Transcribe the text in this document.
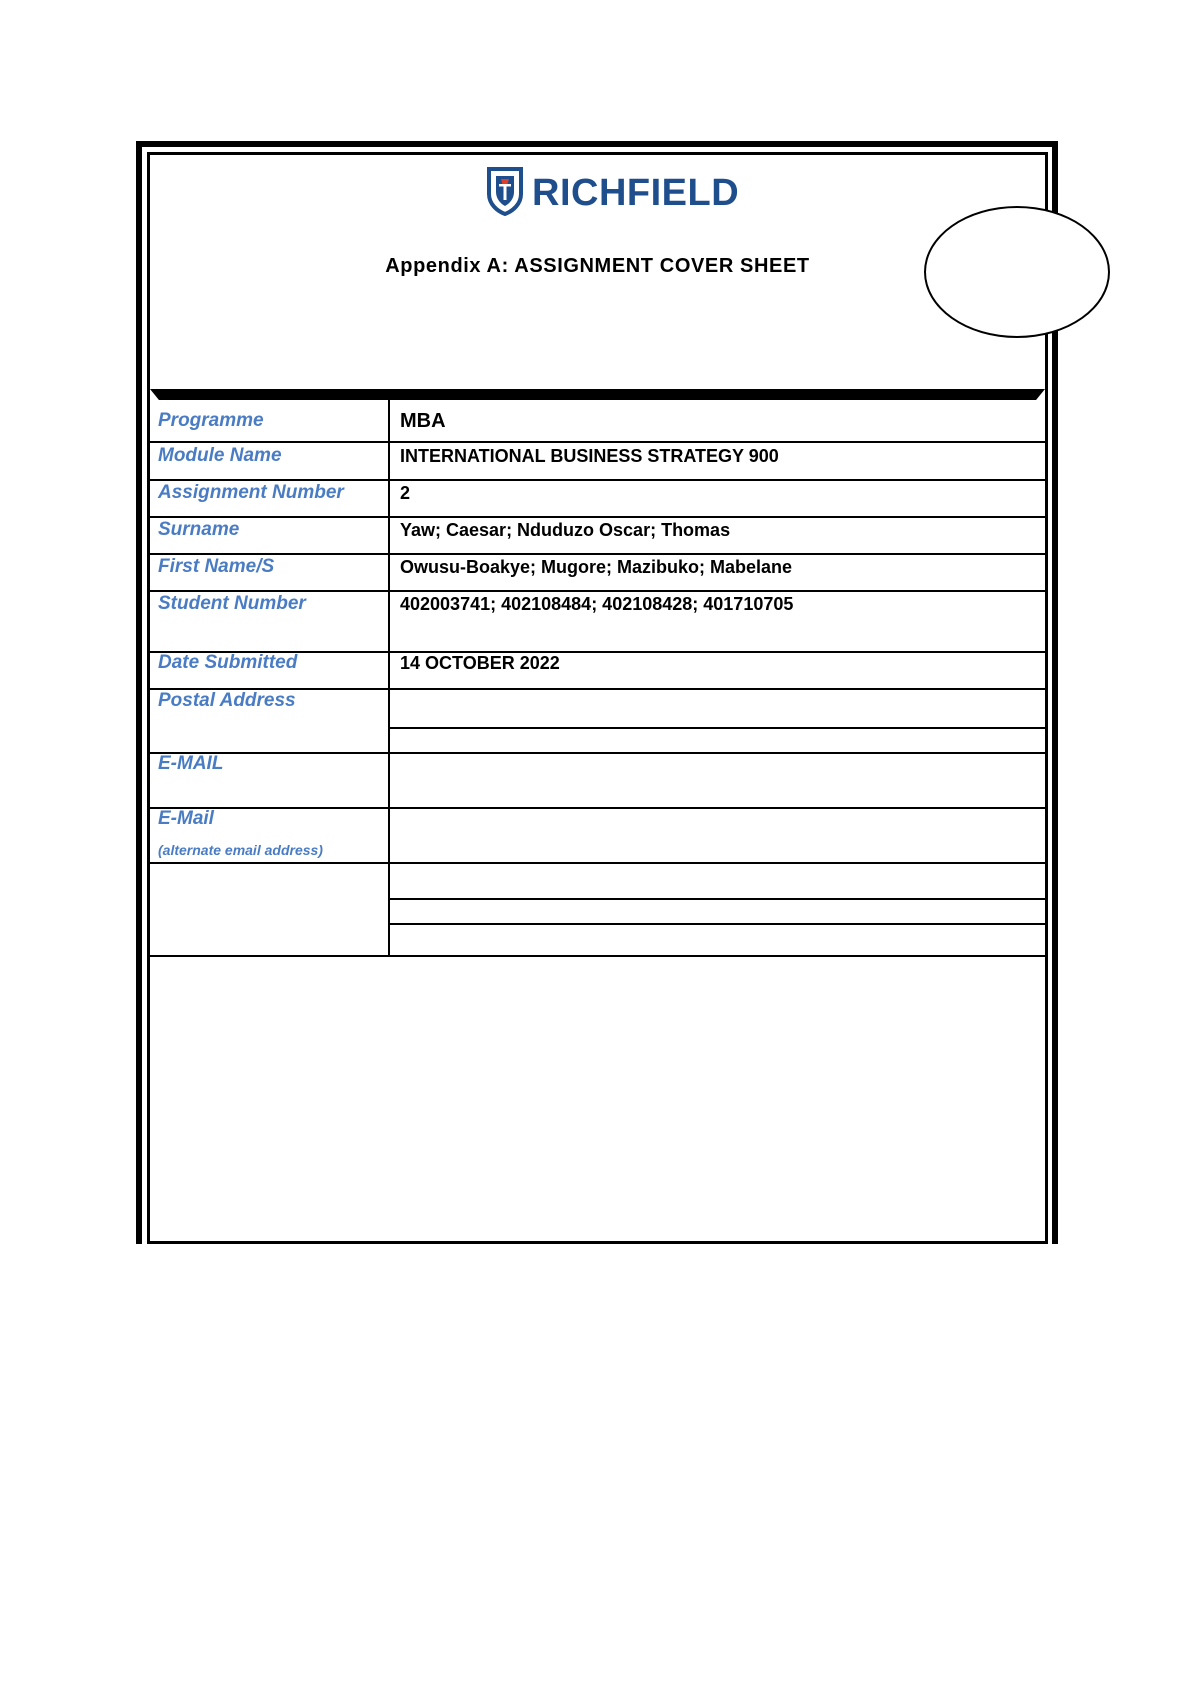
RICHFIELD
Appendix A: ASSIGNMENT COVER SHEET
Programme
Module Name
Assignment Number
Surname
First Name/S
Student Number
Date Submitted
Postal Address
E-MAIL
E-Mail
(alternate email address)
MBA
INTERNATIONAL BUSINESS STRATEGY 900
2
Yaw; Caesar; Nduduzo Oscar; Thomas
Owusu-Boakye; Mugore; Mazibuko; Mabelane
402003741; 402108484; 402108428; 401710705
14 OCTOBER 2022
